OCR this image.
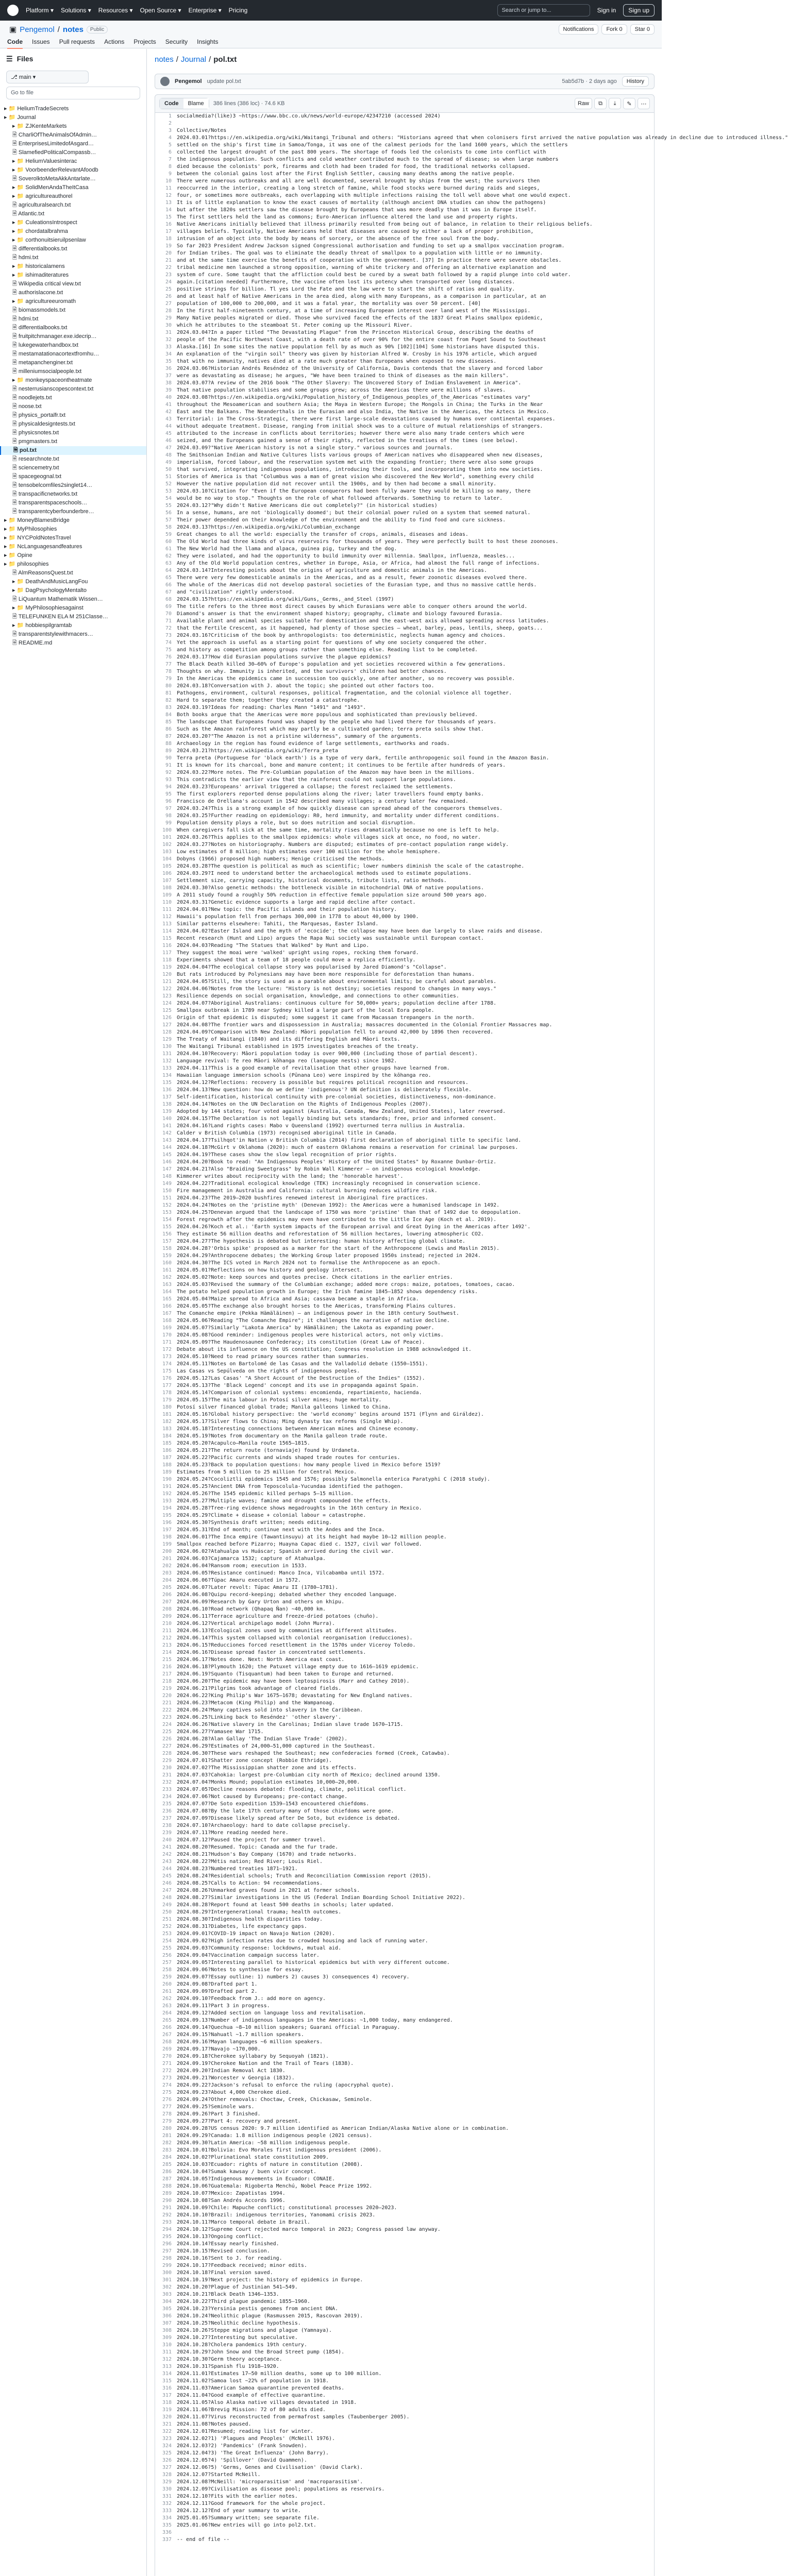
Platform ▾ Solutions ▾ Resources ▾ Open Source ▾ Enterprise ▾ Pricing	Search or jump to...	Sign in	Sign up
▣ Pengemol / notes	Public	Notifications	Fork 0	Star 0
Code Issues Pull requests Actions Projects Security Insights
☰ Files
⎇ main ▾
Go to file
▸ 📁 HeliumTradeSecrets
▸ 📁 Journal
▸ 📁 ZJKenteMarkets
🗎 CharliOfTheAnimalsOfAdmin…
🗎 EnterprisesLimitedofAsgard…
🗎 SlamefiedPoliticalCompassb…
▸ 📁 HeliumValuesinterac
▸ 📁 VoorbeenderRelevantAfoodb
🗎 SoverolktoMetaAkkAntarlate…
▸ 📁 SolidMenAndaTheItCasa
▸ 📁 agricultureauthorel
🗎 agriculturalsearch.txt
🗎 Atlantic.txt
▸ 📁 CuleationsIntrospect
▸ 📁 chordatalbrahma
▸ 📁 corthonuitsieruilpsenlaw
🗎 differentialbooks.txt
🗎 hdmi.txt
▸ 📁 historicalamens
▸ 📁 ishimaditeratures
🗎 Wikipedia critical view.txt
🗎 authorislacone.txt
▸ 📁 agricultureeuromath
🗎 biomassmodels.txt
🗎 hdmi.txt
🗎 differentialbooks.txt
🗎 fruitpitchmanager.exe.idecrip…
🗎 lukegewaterhandbox.txt
🗎 mestamatationacortextfromhu…
🗎 metapanchenginer.txt
🗎 milleniumsocialpeople.txt
▸ 📁 monkeyspaceontheatmate
🗎 nesterrusianscopescontext.txt
🗎 noodlejets.txt
🗎 noose.txt
🗎 physics_portalfr.txt
🗎 physicaldesigntests.txt
🗎 physicsnotes.txt
🗎 pmgmasters.txt
🗎 pol.txt
🗎 researchnote.txt
🗎 sciencemetry.txt
🗎 spacegeognal.txt
🗎 tensobelcomfiles2singlet14…
🗎 transpacificnetworks.txt
🗎 transparentspaceschools…
🗎 transparentcyberfounderbre…
▸ 📁 MoneyBlamesBridge
▸ 📁 MyPhilosophies
▸ 📁 NYCPoldNotesTravel
▸ 📁 NcLanguagesandfeatures
▸ 📁 Opine
▸ 📁 philosophies
🗎 AlmReasonsQuest.txt
▸ 📁 DeathAndMusicLangFou
▸ 📁 DagPsychologyMentalto
🗎 LiQuantum Mathematik Wissen…
▸ 📁 MyPhilosophiesagainst
🗎 TELEFUNKEN ELA M 251Classe…
▸ 📁 hobbiespilgramtab
🗎 transparentstylewithmacers…
🗎 README.md
notes / Journal / pol.txt
Pengemol update pol.txt	5ab5d7b · 2 days ago	History
Code	Blame	386 lines (386 loc) · 74.6 KB	Raw	⧉	⤓	✎	⋯
1	socialmedia?(like)3 ~https://www.bbc.co.uk/news/world-europe/42347210 (accessed 2024)
2
3	Collective/Notes
4	2024.03.01?https://en.wikipedia.org/wiki/Waitangi_Tribunal and others: "Historians agreed that when colonisers first arrived the native population was already in decline due to introduced illness."
5	settled on the ship's first time in Samoa/Tonga, it was one of the calmest periods for the land 1600 years, which the settlers
6	collected the largest drought of the past 800 years. The shortage of foods led the colonists to come into conflict with
7	the indigenous population. Such conflicts and cold weather contributed much to the spread of disease; so when large numbers
8	died because the colonists' pork, firearms and cloth had been traded for food, the traditional networks collapsed.
9	between the colonial gains lost after the First English Settler, causing many deaths among the native people.
10	There were numerous outbreaks and all are well documented, several brought by ships from the west; the survivors then
11	reoccurred in the interior, creating a long stretch of famine, while food stocks were burned during raids and sieges,
12	four, or sometimes more outbreaks, each overlapping with multiple infections raising the toll well above what one would expect.
13	It is of little explanation to know the exact causes of mortality (although ancient DNA studies can show the pathogens)
14	but after the 1820s settlers saw the disease brought by Europeans that was more deadly than it was in Europe itself.
15	The first settlers held the land as commons; Euro-American influence altered the land use and property rights.
16	Native Americans initially believed that illness primarily resulted from being out of balance, in relation to their religious beliefs.
17	villages beliefs. Typically, Native Americans held that diseases are caused by either a lack of proper prohibition,
18	intrusion of an object into the body by means of sorcery, or the absence of the free soul from the body.
19	So far 2023 President Andrew Jackson signed Congressional authorisation and funding to set up a smallpox vaccination program.
20	for Indian tribes. The goal was to eliminate the deadly threat of smallpox to a population with little or no immunity.
21	and at the same time exercise the benefits of cooperation with the government. [37] In practice there were severe obstacles.
22	tribal medicine men launched a strong opposition, warning of white trickery and offering an alternative explanation and
23	system of cure. Some taught that the affliction could best be cured by a sweat bath followed by a rapid plunge into cold water.
24	again.[citation needed] Furthermore, the vaccine often lost its potency when transported over long distances.
25	positive strings for billion. Tl yes Lord the Fate and the law were to start the shift of ratios and quality.
26	and at least half of Native Americans in the area died, along with many Europeans, as a comparison in particular, at an
27	population of 100,000 to 200,000, and it was a fatal year, the mortality was over 50 percent. [40]
28	In the first half-nineteenth century, at a time of increasing European interest over land west of the Mississippi.
29	Many Native peoples migrated or died. Those who survived faced the effects of the 1837 Great Plains smallpox epidemic,
30	which he attributes to the steamboat St. Peter coming up the Missouri River.
31	2024.03.04?In a paper titled "The Devastating Plague" from the Princeton Historical Group, describing the deaths of
32	people of the Pacific Northwest Coast, with a death rate of over 90% for the entire coast from Puget Sound to Southeast
33	Alaska.[16] In some sites the native population fell by as much as 90% [102][104] Some historians have disputed this.
34	An explanation of the "virgin soil" theory was given by historian Alfred W. Crosby in his 1976 article, which argued
35	that with no immunity, natives died at a rate much greater than Europeans when exposed to new diseases.
36	2024.03.06?Historian Andrés Reséndez of the University of California, Davis contends that the slavery and forced labor
37	were as devastating as disease; he argues, "We have been trained to think of diseases as the main killers".
38	2024.03.07?A review of the 2016 book "The Other Slavery: The Uncovered Story of Indian Enslavement in America".
39	That native population stabilises and some groups grew; across the Americas there were millions of slaves.
40	2024.03.08?https://en.wikipedia.org/wiki/Population_history_of_Indigenous_peoples_of_the_Americas "estimates vary"
41	throughout the Mesoamerican and southern Asia; the Maya in Western Europe; the Mongols in China; the Turks in the Near
42	East and the Balkans. The Neanderthals in the Eurasian and also India, the Native in the Americas, the Aztecs in Mexico.
43	Territorial: in The Cross-Strategic, there were first large-scale devastations caused by humans over continental expanses.
44	without adequate treatment. Disease, ranging from initial shock was to a culture of mutual relationships of strangers.
45	attributed to the increase in conflicts about territories; however there were also many trade centers which were
46	seized, and the Europeans gained a sense of their rights, reflected in the treatises of the times (see below).
47	2024.03.09?"Native American history is not a single story." various sources and journals.
48	The Smithsonian Indian and Native Cultures lists various groups of American natives who disappeared when new diseases,
49	imperialism, forced labour, and the reservation system met with the expanding frontier; there were also some groups
50	that survived, integrating indigenous populations, introducing their tools, and incorporating them into new societies.
51	Stories of America is that "Columbus was a man of great vision who discovered the New World", something every child
52	However the native population did not recover until the 1900s, and by then had become a small minority.
53	2024.03.10?Citation for "Even if the European conquerors had been fully aware they would be killing so many, there
54	would be no way to stop." Thoughts on the role of what followed afterwards. Something to return to later.
55	2024.03.12?"Why didn't Native Americans die out completely?" (in historical studies)
56	In a sense, humans, are not 'biologically doomed'; but their colonial power ruled on a system that seemed natural.
57	Their power depended on their knowledge of the environment and the ability to find food and cure sickness.
58	2024.03.13?https://en.wikipedia.org/wiki/Columbian_exchange
59	Great changes to all the world: especially the transfer of crops, animals, diseases and ideas.
60	The Old World had three kinds of virus reservoirs for thousands of years. They were perfectly built to host these zoonoses.
61	The New World had the llama and alpaca, guinea pig, turkey and the dog.
62	They were isolated, and had the opportunity to build immunity over millennia. Smallpox, influenza, measles...
63	Any of the Old World population centres, whether in Europe, Asia, or Africa, had almost the full range of infections.
64	2024.03.14?Interesting points about the origins of agriculture and domestic animals in the Americas.
65	There were very few domesticable animals in the Americas, and as a result, fewer zoonotic diseases evolved there.
66	The whole of the Americas did not develop pastoral societies of the Eurasian type, and thus no massive cattle herds.
67	and "civilization" rightly understood.
68	2024.03.15?https://en.wikipedia.org/wiki/Guns,_Germs,_and_Steel (1997)
69	The title refers to the three most direct causes by which Eurasians were able to conquer others around the world.
70	Diamond's answer is that the environment shaped history; geography, climate and biology favoured Eurasia.
71	Available plant and animal species suitable for domestication and the east-west axis allowed spreading across latitudes.
72	that the Fertile Crescent, as it happened, had plenty of those species — wheat, barley, peas, lentils, sheep, goats...
73	2024.03.16?Criticism of the book by anthropologists: too deterministic, neglects human agency and choices.
74	Yet the approach is useful as a starting point for questions of why one society conquered the other.
75	and history as competition among groups rather than something else. Reading list to be completed.
76	2024.03.17?How did Eurasian populations survive the plague epidemics?
77	The Black Death killed 30–60% of Europe's population and yet societies recovered within a few generations.
78	Thoughts on why. Immunity is inherited, and the survivors' children had better chances.
79	In the Americas the epidemics came in succession too quickly, one after another, so no recovery was possible.
80	2024.03.18?Conversation with J. about the topic; she pointed out other factors too.
81	Pathogens, environment, cultural responses, political fragmentation, and the colonial violence all together.
82	Hard to separate them; together they created a catastrophe.
83	2024.03.19?Ideas for reading: Charles Mann "1491" and "1493".
84	Both books argue that the Americas were more populous and sophisticated than previously believed.
85	The landscape that Europeans found was shaped by the people who had lived there for thousands of years.
86	Such as the Amazon rainforest which may partly be a cultivated garden; terra preta soils show that.
87	2024.03.20?"The Amazon is not a pristine wilderness", summary of the arguments.
88	Archaeology in the region has found evidence of large settlements, earthworks and roads.
89	2024.03.21?https://en.wikipedia.org/wiki/Terra_preta
90	Terra preta (Portuguese for 'black earth') is a type of very dark, fertile anthropogenic soil found in the Amazon Basin.
91	It is known for its charcoal, bone and manure content; it continues to be fertile after hundreds of years.
92	2024.03.22?More notes. The Pre-Columbian population of the Amazon may have been in the millions.
93	This contradicts the earlier view that the rainforest could not support large populations.
94	2024.03.23?Europeans' arrival triggered a collapse; the forest reclaimed the settlements.
95	The first explorers reported dense populations along the river; later travellers found empty banks.
96	Francisco de Orellana's account in 1542 described many villages; a century later few remained.
97	2024.03.24?This is a strong example of how quickly disease can spread ahead of the conquerors themselves.
98	2024.03.25?Further reading on epidemiology: R0, herd immunity, and mortality under different conditions.
99	Population density plays a role, but so does nutrition and social disruption.
100	When caregivers fall sick at the same time, mortality rises dramatically because no one is left to help.
101	2024.03.26?This applies to the smallpox epidemics: whole villages sick at once, no food, no water.
102	2024.03.27?Notes on historiography. Numbers are disputed; estimates of pre-contact population range widely.
103	Low estimates of 8 million; high estimates over 100 million for the whole hemisphere.
104	Dobyns (1966) proposed high numbers; Henige criticised the methods.
105	2024.03.28?The question is political as much as scientific; lower numbers diminish the scale of the catastrophe.
106	2024.03.29?I need to understand better the archaeological methods used to estimate populations.
107	Settlement size, carrying capacity, historical documents, tribute lists, ratio methods.
108	2024.03.30?Also genetic methods: the bottleneck visible in mitochondrial DNA of native populations.
109	A 2011 study found a roughly 50% reduction in effective female population size around 500 years ago.
110	2024.03.31?Genetic evidence supports a large and rapid decline after contact.
111	2024.04.01?New topic: the Pacific islands and their population history.
112	Hawaii's population fell from perhaps 300,000 in 1778 to about 40,000 by 1900.
113	Similar patterns elsewhere: Tahiti, the Marquesas, Easter Island.
114	2024.04.02?Easter Island and the myth of 'ecocide'; the collapse may have been due largely to slave raids and disease.
115	Recent research (Hunt and Lipo) argues the Rapa Nui society was sustainable until European contact.
116	2024.04.03?Reading "The Statues that Walked" by Hunt and Lipo.
117	They suggest the moai were 'walked' upright using ropes, rocking them forward.
118	Experiments showed that a team of 18 people could move a replica efficiently.
119	2024.04.04?The ecological collapse story was popularised by Jared Diamond's "Collapse".
120	But rats introduced by Polynesians may have been more responsible for deforestation than humans.
121	2024.04.05?Still, the story is used as a parable about environmental limits; be careful about parables.
122	2024.04.06?Notes from the lecture: "History is not destiny; societies respond to changes in many ways."
123	Resilience depends on social organisation, knowledge, and connections to other communities.
124	2024.04.07?Aboriginal Australians: continuous culture for 50,000+ years; population decline after 1788.
125	Smallpox outbreak in 1789 near Sydney killed a large part of the local Eora people.
126	Origin of that epidemic is disputed; some suggest it came from Macassan trepangers in the north.
127	2024.04.08?The frontier wars and dispossession in Australia; massacres documented in the Colonial Frontier Massacres map.
128	2024.04.09?Comparison with New Zealand: Māori population fell to around 42,000 by 1896 then recovered.
129	The Treaty of Waitangi (1840) and its differing English and Māori texts.
130	The Waitangi Tribunal established in 1975 investigates breaches of the treaty.
131	2024.04.10?Recovery: Māori population today is over 900,000 (including those of partial descent).
132	Language revival: Te reo Māori kōhanga reo (language nests) since 1982.
133	2024.04.11?This is a good example of revitalisation that other groups have learned from.
134	Hawaiian language immersion schools (Pūnana Leo) were inspired by the kōhanga reo.
135	2024.04.12?Reflections: recovery is possible but requires political recognition and resources.
136	2024.04.13?New question: how do we define 'indigenous'? UN definition is deliberately flexible.
137	Self-identification, historical continuity with pre-colonial societies, distinctiveness, non-dominance.
138	2024.04.14?Notes on the UN Declaration on the Rights of Indigenous Peoples (2007).
139	Adopted by 144 states; four voted against (Australia, Canada, New Zealand, United States), later reversed.
140	2024.04.15?The Declaration is not legally binding but sets standards; free, prior and informed consent.
141	2024.04.16?Land rights cases: Mabo v Queensland (1992) overturned terra nullius in Australia.
142	Calder v British Columbia (1973) recognised aboriginal title in Canada.
143	2024.04.17?Tsilhqot'in Nation v British Columbia (2014) first declaration of aboriginal title to specific land.
144	2024.04.18?McGirt v Oklahoma (2020): much of eastern Oklahoma remains a reservation for criminal law purposes.
145	2024.04.19?These cases show the slow legal recognition of prior rights.
146	2024.04.20?Book to read: "An Indigenous Peoples' History of the United States" by Roxanne Dunbar-Ortiz.
147	2024.04.21?Also "Braiding Sweetgrass" by Robin Wall Kimmerer — on indigenous ecological knowledge.
148	Kimmerer writes about reciprocity with the land; the 'honorable harvest'.
149	2024.04.22?Traditional ecological knowledge (TEK) increasingly recognised in conservation science.
150	Fire management in Australia and California: cultural burning reduces wildfire risk.
151	2024.04.23?The 2019–2020 bushfires renewed interest in Aboriginal fire practices.
152	2024.04.24?Notes on the 'pristine myth' (Denevan 1992): the Americas were a humanised landscape in 1492.
153	2024.04.25?Denevan argued that the landscape of 1750 was more 'pristine' than that of 1492 due to depopulation.
154	Forest regrowth after the epidemics may even have contributed to the Little Ice Age (Koch et al. 2019).
155	2024.04.26?Koch et al.: 'Earth system impacts of the European arrival and Great Dying in the Americas after 1492'.
156	They estimate 56 million deaths and reforestation of 56 million hectares, lowering atmospheric CO2.
157	2024.04.27?The hypothesis is debated but interesting: human history affecting global climate.
158	2024.04.28?'Orbis spike' proposed as a marker for the start of the Anthropocene (Lewis and Maslin 2015).
159	2024.04.29?Anthropocene debates; the Working Group later proposed 1950s instead; rejected in 2024.
160	2024.04.30?The ICS voted in March 2024 not to formalise the Anthropocene as an epoch.
161	2024.05.01?Reflections on how history and geology intersect.
162	2024.05.02?Note: keep sources and quotes precise. Check citations in the earlier entries.
163	2024.05.03?Revised the summary of the Columbian exchange; added more crops: maize, potatoes, tomatoes, cacao.
164	The potato helped population growth in Europe; the Irish famine 1845–1852 shows dependency risks.
165	2024.05.04?Maize spread to Africa and Asia; cassava became a staple in Africa.
166	2024.05.05?The exchange also brought horses to the Americas, transforming Plains cultures.
167	The Comanche empire (Pekka Hämäläinen) — an indigenous power in the 18th century Southwest.
168	2024.05.06?Reading "The Comanche Empire"; it challenges the narrative of native decline.
169	2024.05.07?Similarly "Lakota America" by Hämäläinen; the Lakota as expanding power.
170	2024.05.08?Good reminder: indigenous peoples were historical actors, not only victims.
171	2024.05.09?The Haudenosaunee Confederacy; its constitution (Great Law of Peace).
172	Debate about its influence on the US constitution; Congress resolution in 1988 acknowledged it.
173	2024.05.10?Need to read primary sources rather than summaries.
174	2024.05.11?Notes on Bartolomé de las Casas and the Valladolid debate (1550–1551).
175	Las Casas vs Sepúlveda on the rights of indigenous peoples.
176	2024.05.12?Las Casas' "A Short Account of the Destruction of the Indies" (1552).
177	2024.05.13?The 'Black Legend' concept and its use in propaganda against Spain.
178	2024.05.14?Comparison of colonial systems: encomienda, repartimiento, hacienda.
179	2024.05.15?The mita labour in Potosí silver mines; huge mortality.
180	Potosí silver financed global trade; Manila galleons linked to China.
181	2024.05.16?Global history perspective: the 'world economy' begins around 1571 (Flynn and Giráldez).
182	2024.05.17?Silver flows to China; Ming dynasty tax reforms (Single Whip).
183	2024.05.18?Interesting connections between American mines and Chinese economy.
184	2024.05.19?Notes from documentary on the Manila galleon trade route.
185	2024.05.20?Acapulco–Manila route 1565–1815.
186	2024.05.21?The return route (tornaviaje) found by Urdaneta.
187	2024.05.22?Pacific currents and winds shaped trade routes for centuries.
188	2024.05.23?Back to population questions: how many people lived in Mexico before 1519?
189	Estimates from 5 million to 25 million for Central Mexico.
190	2024.05.24?Cocoliztli epidemics 1545 and 1576; possibly Salmonella enterica Paratyphi C (2018 study).
191	2024.05.25?Ancient DNA from Teposcolula-Yucundaa identified the pathogen.
192	2024.05.26?The 1545 epidemic killed perhaps 5–15 million.
193	2024.05.27?Multiple waves; famine and drought compounded the effects.
194	2024.05.28?Tree-ring evidence shows megadroughts in the 16th century in Mexico.
195	2024.05.29?Climate + disease + colonial labour = catastrophe.
196	2024.05.30?Synthesis draft written; needs editing.
197	2024.05.31?End of month; continue next with the Andes and the Inca.
198	2024.06.01?The Inca empire (Tawantinsuyu) at its height had maybe 10–12 million people.
199	Smallpox reached before Pizarro; Huayna Capac died c. 1527, civil war followed.
200	2024.06.02?Atahualpa vs Huáscar; Spanish arrived during the civil war.
201	2024.06.03?Cajamarca 1532; capture of Atahualpa.
202	2024.06.04?Ransom room; execution in 1533.
203	2024.06.05?Resistance continued: Manco Inca, Vilcabamba until 1572.
204	2024.06.06?Túpac Amaru executed in 1572.
205	2024.06.07?Later revolt: Túpac Amaru II (1780–1781).
206	2024.06.08?Quipu record-keeping; debated whether they encoded language.
207	2024.06.09?Research by Gary Urton and others on khipu.
208	2024.06.10?Road network (Qhapaq Ñan) ~40,000 km.
209	2024.06.11?Terrace agriculture and freeze-dried potatoes (chuño).
210	2024.06.12?Vertical archipelago model (John Murra).
211	2024.06.13?Ecological zones used by communities at different altitudes.
212	2024.06.14?This system collapsed with colonial reorganisation (reducciones).
213	2024.06.15?Reducciones forced resettlement in the 1570s under Viceroy Toledo.
214	2024.06.16?Disease spread faster in concentrated settlements.
215	2024.06.17?Notes done. Next: North America east coast.
216	2024.06.18?Plymouth 1620; the Patuxet village empty due to 1616–1619 epidemic.
217	2024.06.19?Squanto (Tisquantum) had been taken to Europe and returned.
218	2024.06.20?The epidemic may have been leptospirosis (Marr and Cathey 2010).
219	2024.06.21?Pilgrims took advantage of cleared fields.
220	2024.06.22?King Philip's War 1675–1678; devastating for New England natives.
221	2024.06.23?Metacom (King Philip) and the Wampanoag.
222	2024.06.24?Many captives sold into slavery in the Caribbean.
223	2024.06.25?Linking back to Reséndez' 'other slavery'.
224	2024.06.26?Native slavery in the Carolinas; Indian slave trade 1670–1715.
225	2024.06.27?Yamasee War 1715.
226	2024.06.28?Alan Gallay 'The Indian Slave Trade' (2002).
227	2024.06.29?Estimates of 24,000–51,000 captured in the Southeast.
228	2024.06.30?These wars reshaped the Southeast; new confederacies formed (Creek, Catawba).
229	2024.07.01?Shatter zone concept (Robbie Ethridge).
230	2024.07.02?The Mississippian shatter zone and its effects.
231	2024.07.03?Cahokia: largest pre-Columbian city north of Mexico; declined around 1350.
232	2024.07.04?Monks Mound; population estimates 10,000–20,000.
233	2024.07.05?Decline reasons debated: flooding, climate, political conflict.
234	2024.07.06?Not caused by Europeans; pre-contact change.
235	2024.07.07?De Soto expedition 1539–1543 encountered chiefdoms.
236	2024.07.08?By the late 17th century many of those chiefdoms were gone.
237	2024.07.09?Disease likely spread after De Soto, but evidence is debated.
238	2024.07.10?Archaeology: hard to date collapse precisely.
239	2024.07.11?More reading needed here.
240	2024.07.12?Paused the project for summer travel.
241	2024.08.20?Resumed. Topic: Canada and the fur trade.
242	2024.08.21?Hudson's Bay Company (1670) and trade networks.
243	2024.08.22?Métis nation; Red River; Louis Riel.
244	2024.08.23?Numbered treaties 1871–1921.
245	2024.08.24?Residential schools; Truth and Reconciliation Commission report (2015).
246	2024.08.25?Calls to Action: 94 recommendations.
247	2024.08.26?Unmarked graves found in 2021 at former schools.
248	2024.08.27?Similar investigations in the US (Federal Indian Boarding School Initiative 2022).
249	2024.08.28?Report found at least 500 deaths in schools; later updated.
250	2024.08.29?Intergenerational trauma; health outcomes.
251	2024.08.30?Indigenous health disparities today.
252	2024.08.31?Diabetes, life expectancy gaps.
253	2024.09.01?COVID-19 impact on Navajo Nation (2020).
254	2024.09.02?High infection rates due to crowded housing and lack of running water.
255	2024.09.03?Community response: lockdowns, mutual aid.
256	2024.09.04?Vaccination campaign success later.
257	2024.09.05?Interesting parallel to historical epidemics but with very different outcome.
258	2024.09.06?Notes to synthesise for essay.
259	2024.09.07?Essay outline: 1) numbers 2) causes 3) consequences 4) recovery.
260	2024.09.08?Drafted part 1.
261	2024.09.09?Drafted part 2.
262	2024.09.10?Feedback from J.: add more on agency.
263	2024.09.11?Part 3 in progress.
264	2024.09.12?Added section on language loss and revitalisation.
265	2024.09.13?Number of indigenous languages in the Americas: ~1,000 today, many endangered.
266	2024.09.14?Quechua ~8–10 million speakers; Guarani official in Paraguay.
267	2024.09.15?Nahuatl ~1.7 million speakers.
268	2024.09.16?Mayan languages ~6 million speakers.
269	2024.09.17?Navajo ~170,000.
270	2024.09.18?Cherokee syllabary by Sequoyah (1821).
271	2024.09.19?Cherokee Nation and the Trail of Tears (1838).
272	2024.09.20?Indian Removal Act 1830.
273	2024.09.21?Worcester v Georgia (1832).
274	2024.09.22?Jackson's refusal to enforce the ruling (apocryphal quote).
275	2024.09.23?About 4,000 Cherokee died.
276	2024.09.24?Other removals: Choctaw, Creek, Chickasaw, Seminole.
277	2024.09.25?Seminole wars.
278	2024.09.26?Part 3 finished.
279	2024.09.27?Part 4: recovery and present.
280	2024.09.28?US census 2020: 9.7 million identified as American Indian/Alaska Native alone or in combination.
281	2024.09.29?Canada: 1.8 million indigenous people (2021 census).
282	2024.09.30?Latin America: ~58 million indigenous people.
283	2024.10.01?Bolivia: Evo Morales first indigenous president (2006).
284	2024.10.02?Plurinational state constitution 2009.
285	2024.10.03?Ecuador: rights of nature in constitution (2008).
286	2024.10.04?Sumak kawsay / buen vivir concept.
287	2024.10.05?Indigenous movements in Ecuador: CONAIE.
288	2024.10.06?Guatemala: Rigoberta Menchú, Nobel Peace Prize 1992.
289	2024.10.07?Mexico: Zapatistas 1994.
290	2024.10.08?San Andrés Accords 1996.
291	2024.10.09?Chile: Mapuche conflict; constitutional processes 2020–2023.
292	2024.10.10?Brazil: indigenous territories, Yanomami crisis 2023.
293	2024.10.11?Marco temporal debate in Brazil.
294	2024.10.12?Supreme Court rejected marco temporal in 2023; Congress passed law anyway.
295	2024.10.13?Ongoing conflict.
296	2024.10.14?Essay nearly finished.
297	2024.10.15?Revised conclusion.
298	2024.10.16?Sent to J. for reading.
299	2024.10.17?Feedback received; minor edits.
300	2024.10.18?Final version saved.
301	2024.10.19?Next project: the history of epidemics in Europe.
302	2024.10.20?Plague of Justinian 541–549.
303	2024.10.21?Black Death 1346–1353.
304	2024.10.22?Third plague pandemic 1855–1960.
305	2024.10.23?Yersinia pestis genomes from ancient DNA.
306	2024.10.24?Neolithic plague (Rasmussen 2015, Rascovan 2019).
307	2024.10.25?Neolithic decline hypothesis.
308	2024.10.26?Steppe migrations and plague (Yamnaya).
309	2024.10.27?Interesting but speculative.
310	2024.10.28?Cholera pandemics 19th century.
311	2024.10.29?John Snow and the Broad Street pump (1854).
312	2024.10.30?Germ theory acceptance.
313	2024.10.31?Spanish flu 1918–1920.
314	2024.11.01?Estimates 17–50 million deaths, some up to 100 million.
315	2024.11.02?Samoa lost ~22% of population in 1918.
316	2024.11.03?American Samoa quarantine prevented deaths.
317	2024.11.04?Good example of effective quarantine.
318	2024.11.05?Also Alaska native villages devastated in 1918.
319	2024.11.06?Brevig Mission: 72 of 80 adults died.
320	2024.11.07?Virus reconstructed from permafrost samples (Taubenberger 2005).
321	2024.11.08?Notes paused.
322	2024.12.01?Resumed; reading list for winter.
323	2024.12.02?1) 'Plagues and Peoples' (McNeill 1976).
324	2024.12.03?2) 'Pandemics' (Frank Snowden).
325	2024.12.04?3) 'The Great Influenza' (John Barry).
326	2024.12.05?4) 'Spillover' (David Quammen).
327	2024.12.06?5) 'Germs, Genes and Civilisation' (David Clark).
328	2024.12.07?Started McNeill.
329	2024.12.08?McNeill: 'microparasitism' and 'macroparasitism'.
330	2024.12.09?Civilisation as disease pool; populations as reservoirs.
331	2024.12.10?Fits with the earlier notes.
332	2024.12.11?Good framework for the whole project.
333	2024.12.12?End of year summary to write.
334	2025.01.05?Summary written; see separate file.
335	2025.01.06?New entries will go into pol2.txt.
336
337	-- end of file --
